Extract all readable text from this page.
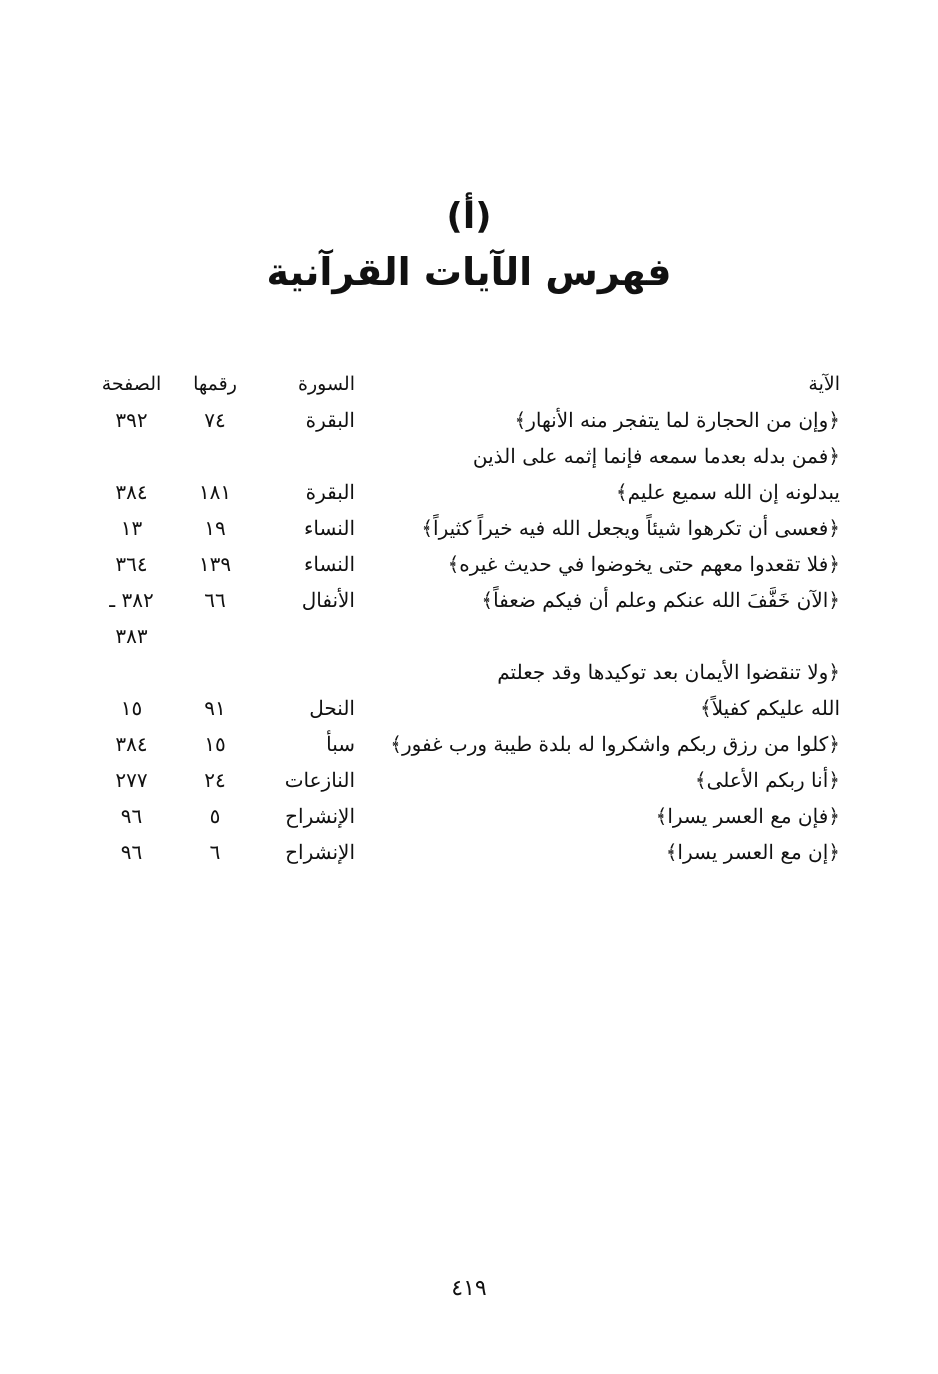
(أ)
فهرس الآيات القرآنية
الآية
السورة
رقمها
الصفحة
﴿وإن من الحجارة لما يتفجر منه الأنهار﴾
البقرة
٧٤
٣٩٢
﴿فمن بدله بعدما سمعه فإنما إثمه على الذين
يبدلونه إن الله سميع عليم﴾
البقرة
١٨١
٣٨٤
﴿فعسى أن تكرهوا شيئاً ويجعل الله فيه خيراً كثيراً﴾
النساء
١٩
١٣
﴿فلا تقعدوا معهم حتى يخوضوا في حديث غيره﴾
النساء
١٣٩
٣٦٤
﴿الآن خَفَّفَ الله عنكم وعلم أن فيكم ضعفاً﴾
الأنفال
٦٦
٣٨٢ ـ
٣٨٣
﴿ولا تنقضوا الأيمان بعد توكيدها وقد جعلتم
الله عليكم كفيلاً﴾
النحل
٩١
١٥
﴿كلوا من رزق ربكم واشكروا له بلدة طيبة ورب غفور﴾
سبأ
١٥
٣٨٤
﴿أنا ربكم الأعلى﴾
النازعات
٢٤
٢٧٧
﴿فإن مع العسر يسرا﴾
الإنشراح
٥
٩٦
﴿إن مع العسر يسرا﴾
الإنشراح
٦
٩٦
٤١٩
